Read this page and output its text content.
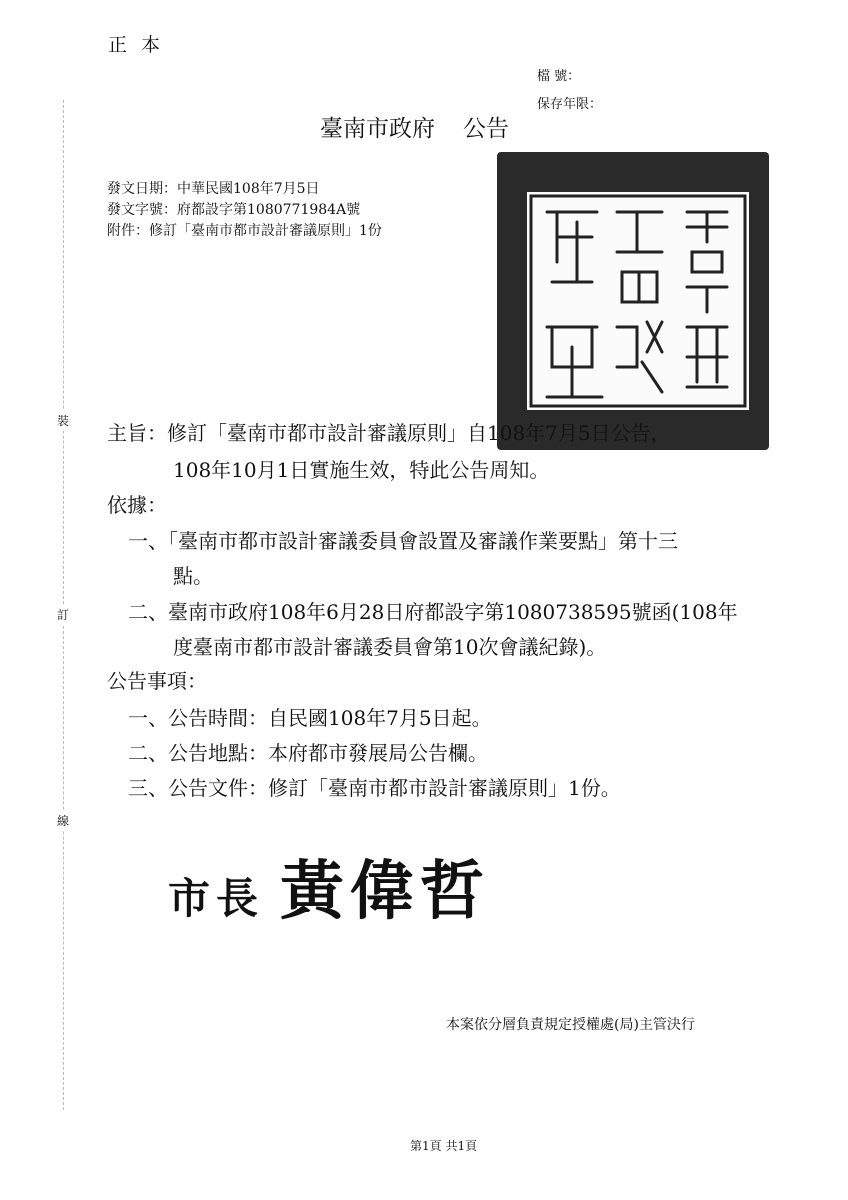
裝
訂
線
正本
檔 號：
保存年限：
臺南市政府 公告
發文日期：中華民國108年7月5日
發文字號：府都設字第1080771984A號
附件：修訂「臺南市都市設計審議原則」1份
主旨：修訂「臺南市都市設計審議原則」自108年7月5日公告，
108年10月1日實施生效，特此公告周知。
依據：
一、「臺南市都市設計審議委員會設置及審議作業要點」第十三
點。
二、臺南市政府108年6月28日府都設字第1080738595號函(108年
度臺南市都市設計審議委員會第10次會議紀錄)。
公告事項：
一、公告時間：自民國108年7月5日起。
二、公告地點：本府都市發展局公告欄。
三、公告文件：修訂「臺南市都市設計審議原則」1份。
市長 黃偉哲
本案依分層負責規定授權處(局)主管決行
第1頁 共1頁
